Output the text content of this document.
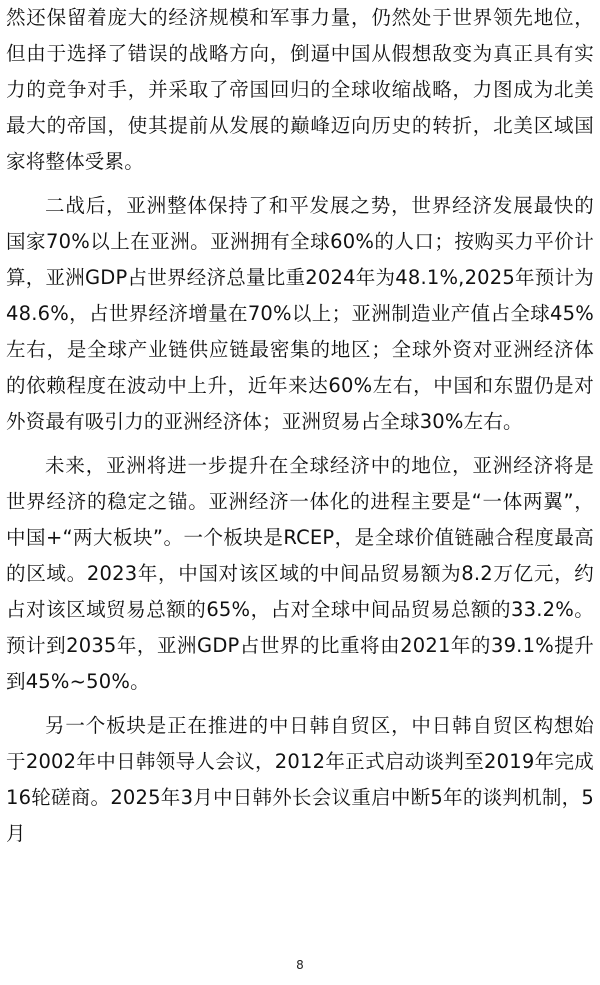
然还保留着庞大的经济规模和军事力量，仍然处于世界领先地位，但由于选择了错误的战略方向，倒逼中国从假想敌变为真正具有实力的竞争对手，并采取了帝国回归的全球收缩战略，力图成为北美最大的帝国，使其提前从发展的巅峰迈向历史的转折，北美区域国家将整体受累。

二战后，亚洲整体保持了和平发展之势，世界经济发展最快的国家70%以上在亚洲。亚洲拥有全球60%的人口；按购买力平价计算，亚洲GDP占世界经济总量比重2024年为48.1%,2025年预计为48.6%，占世界经济增量在70%以上；亚洲制造业产值占全球45%左右，是全球产业链供应链最密集的地区；全球外资对亚洲经济体的依赖程度在波动中上升，近年来达60%左右，中国和东盟仍是对外资最有吸引力的亚洲经济体；亚洲贸易占全球30%左右。

未来，亚洲将进一步提升在全球经济中的地位，亚洲经济将是世界经济的稳定之锚。亚洲经济一体化的进程主要是“一体两翼”，中国+“两大板块”。一个板块是RCEP，是全球价值链融合程度最高的区域。2023年，中国对该区域的中间品贸易额为8.2万亿元，约占对该区域贸易总额的65%，占对全球中间品贸易总额的33.2%。预计到2035年，亚洲GDP占世界的比重将由2021年的39.1%提升到45%~50%。

另一个板块是正在推进的中日韩自贸区，中日韩自贸区构想始于2002年中日韩领导人会议，2012年正式启动谈判至2019年完成16轮磋商。2025年3月中日韩外长会议重启中断5年的谈判机制，5月

8
